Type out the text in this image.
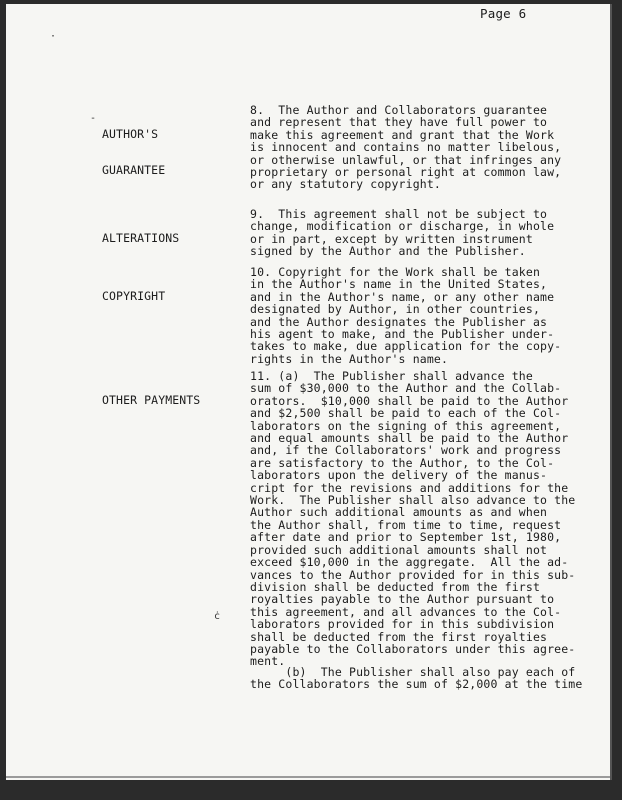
Page 6
-
·
ċ

AUTHOR'S

GUARANTEE

8.  The Author and Collaborators guarantee
and represent that they have full power to
make this agreement and grant that the Work
is innocent and contains no matter libelous,
or otherwise unlawful, or that infringes any
proprietary or personal right at common law,
or any statutory copyright.

ALTERATIONS

9.  This agreement shall not be subject to
change, modification or discharge, in whole
or in part, except by written instrument
signed by the Author and the Publisher.

COPYRIGHT

10. Copyright for the Work shall be taken
in the Author's name in the United States,
and in the Author's name, or any other name
designated by Author, in other countries,
and the Author designates the Publisher as
his agent to make, and the Publisher under-
takes to make, due application for the copy-
rights in the Author's name.

OTHER PAYMENTS

11. (a)  The Publisher shall advance the
sum of $30,000 to the Author and the Collab-
orators.  $10,000 shall be paid to the Author
and $2,500 shall be paid to each of the Col-
laborators on the signing of this agreement,
and equal amounts shall be paid to the Author
and, if the Collaborators' work and progress
are satisfactory to the Author, to the Col-
laborators upon the delivery of the manus-
cript for the revisions and additions for the
Work.  The Publisher shall also advance to the
Author such additional amounts as and when
the Author shall, from time to time, request
after date and prior to September 1st, 1980,
provided such additional amounts shall not
exceed $10,000 in the aggregate.  All the ad-
vances to the Author provided for in this sub-
division shall be deducted from the first
royalties payable to the Author pursuant to
this agreement, and all advances to the Col-
laborators provided for in this subdivision
shall be deducted from the first royalties
payable to the Collaborators under this agree-
ment.
(b)  The Publisher shall also pay each of
the Collaborators the sum of $2,000 at the time
